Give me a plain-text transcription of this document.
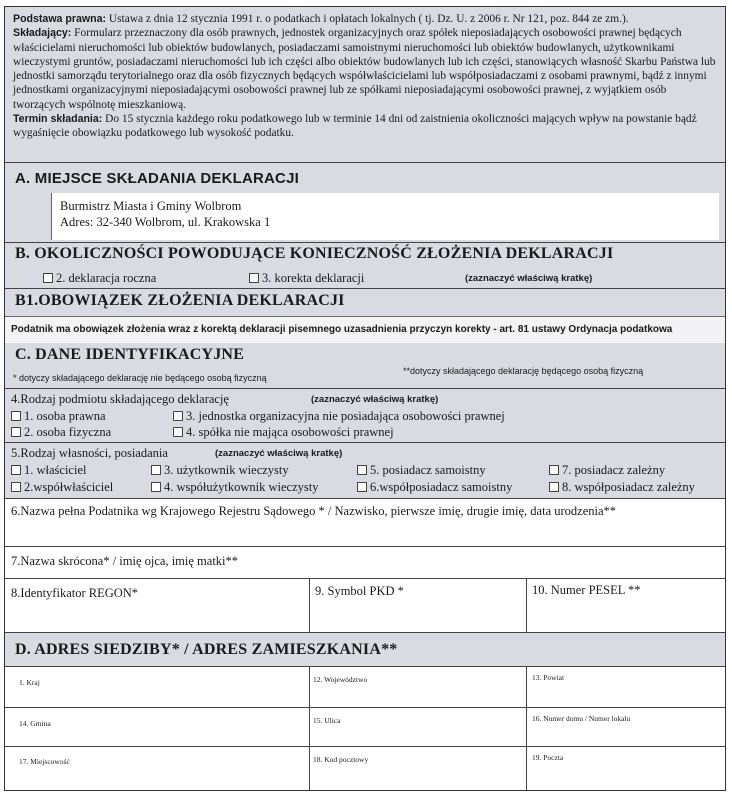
Podstawa prawna: Ustawa z dnia 12 stycznia 1991 r. o podatkach i opłatach lokalnych ( tj. Dz. U. z 2006 r. Nr 121, poz. 844 ze zm.).
Składający: Formularz przeznaczony dla osób prawnych, jednostek organizacyjnych oraz spółek nieposiadających osobowości prawnej będących właścicielami nieruchomości lub obiektów budowlanych, posiadaczami samoistnymi nieruchomości lub obiektów budowlanych, użytkownikami wieczystymi gruntów, posiadaczami nieruchomości lub ich części albo obiektów budowlanych lub ich części, stanowiących własność Skarbu Państwa lub jednostki samorządu terytorialnego oraz dla osób fizycznych będących współwłaścicielami lub współposiadaczami z osobami prawnymi, bądź z innymi jednostkami organizacyjnymi nieposiadającymi osobowości prawnej lub ze spółkami nieposiadającymi osobowości prawnej, z wyjątkiem osób tworzących wspólnotę mieszkaniową.
Termin składania: Do 15 stycznia każdego roku podatkowego lub w terminie 14 dni od zaistnienia okoliczności mających wpływ na powstanie bądź wygaśnięcie obowiązku podatkowego lub wysokość podatku.
A. MIEJSCE SKŁADANIA DEKLARACJI
Burmistrz Miasta i Gminy Wolbrom
Adres: 32-340 Wolbrom, ul. Krakowska 1
B. OKOLICZNOŚCI POWODUJĄCE KONIECZNOŚĆ ZŁOŻENIA DEKLARACJI
2. deklaracja roczna	3. korekta deklaracji	(zaznaczyć właściwą kratkę)
B1.OBOWIĄZEK ZŁOŻENIA DEKLARACJI
Podatnik ma obowiązek złożenia wraz z korektą deklaracji pisemnego uzasadnienia przyczyn korekty - art. 81 ustawy Ordynacja podatkowa
C. DANE IDENTYFIKACYJNE
* dotyczy składającego deklarację nie będącego osobą fizyczną
**dotyczy składającego deklarację będącego osobą fizyczną
4.Rodzaj podmiotu składającego deklarację	(zaznaczyć właściwą kratkę)
1. osoba prawna	3. jednostka organizacyjna nie posiadająca osobowości prawnej
2. osoba fizyczna	4. spółka nie mająca osobowości prawnej
5.Rodzaj własności, posiadania	(zaznaczyć właściwą kratkę)
1. właściciel	3. użytkownik wieczysty	5. posiadacz samoistny	7. posiadacz zależny
2.współwłaściciel	4. współużytkownik wieczysty	6.współposiadacz samoistny	8. współposiadacz zależny
6.Nazwa pełna Podatnika wg Krajowego Rejestru Sądowego * / Nazwisko, pierwsze imię, drugie imię, data urodzenia**
7.Nazwa skrócona* / imię ojca, imię matki**
8.Identyfikator REGON*	9. Symbol PKD *	10. Numer PESEL **
D. ADRES SIEDZIBY* / ADRES ZAMIESZKANIA**
1. Kraj	12. Województwo	13. Powiat
14. Gmina	15. Ulica	16. Numer domu / Numer lokalu
17. Miejscowość	18. Kod pocztowy	19. Poczta
